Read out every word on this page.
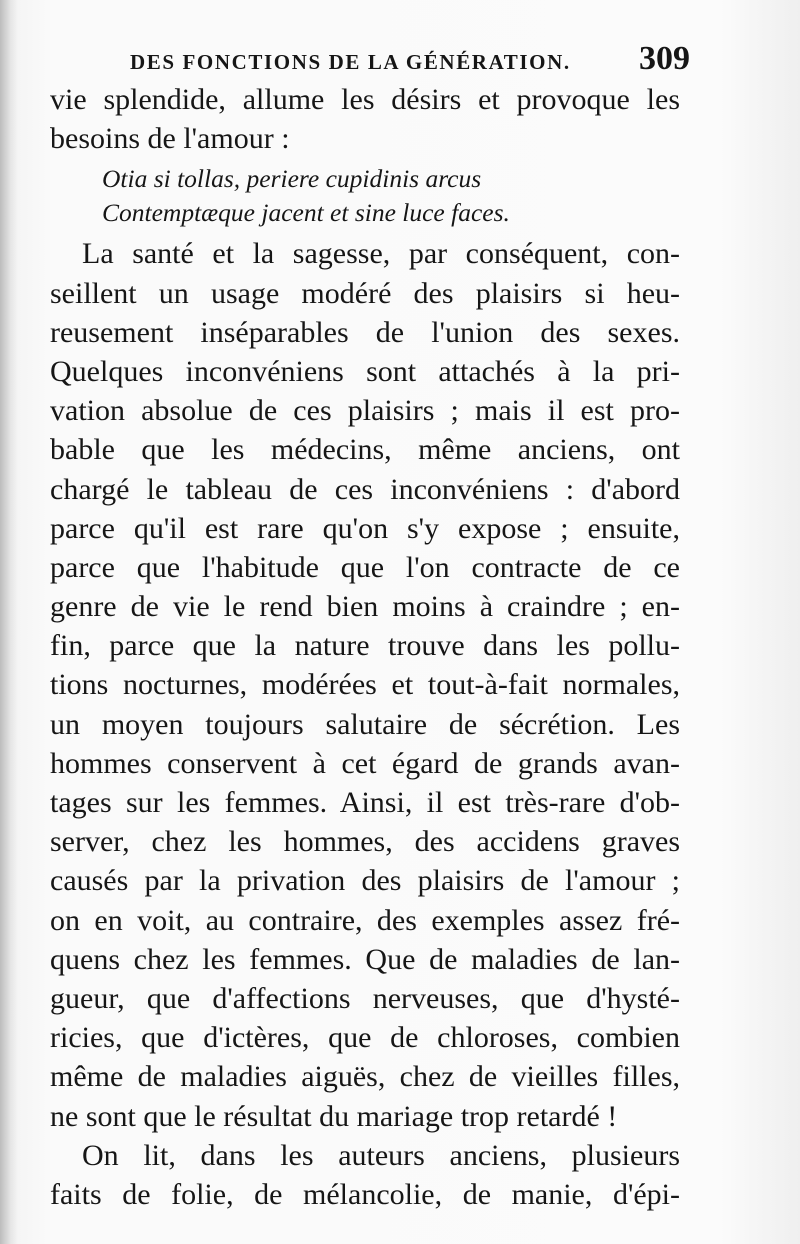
DES FONCTIONS DE LA GÉNÉRATION. 309
vie splendide, allume les désirs et provoque les
besoins de l'amour :
Otia si tollas, periere cupidinis arcus
Contemptæque jacent et sine luce faces.
La santé et la sagesse, par conséquent, con-
seillent un usage modéré des plaisirs si heu-
reusement inséparables de l'union des sexes.
Quelques inconvéniens sont attachés à la pri-
vation absolue de ces plaisirs ; mais il est pro-
bable que les médecins, même anciens, ont
chargé le tableau de ces inconvéniens : d'abord
parce qu'il est rare qu'on s'y expose ; ensuite,
parce que l'habitude que l'on contracte de ce
genre de vie le rend bien moins à craindre ; en-
fin, parce que la nature trouve dans les pollu-
tions nocturnes, modérées et tout-à-fait normales,
un moyen toujours salutaire de sécrétion. Les
hommes conservent à cet égard de grands avan-
tages sur les femmes. Ainsi, il est très-rare d'ob-
server, chez les hommes, des accidens graves
causés par la privation des plaisirs de l'amour ;
on en voit, au contraire, des exemples assez fré-
quens chez les femmes. Que de maladies de lan-
gueur, que d'affections nerveuses, que d'hysté-
ricies, que d'ictères, que de chloroses, combien
même de maladies aiguës, chez de vieilles filles,
ne sont que le résultat du mariage trop retardé !
On lit, dans les auteurs anciens, plusieurs
faits de folie, de mélancolie, de manie, d'épi-
